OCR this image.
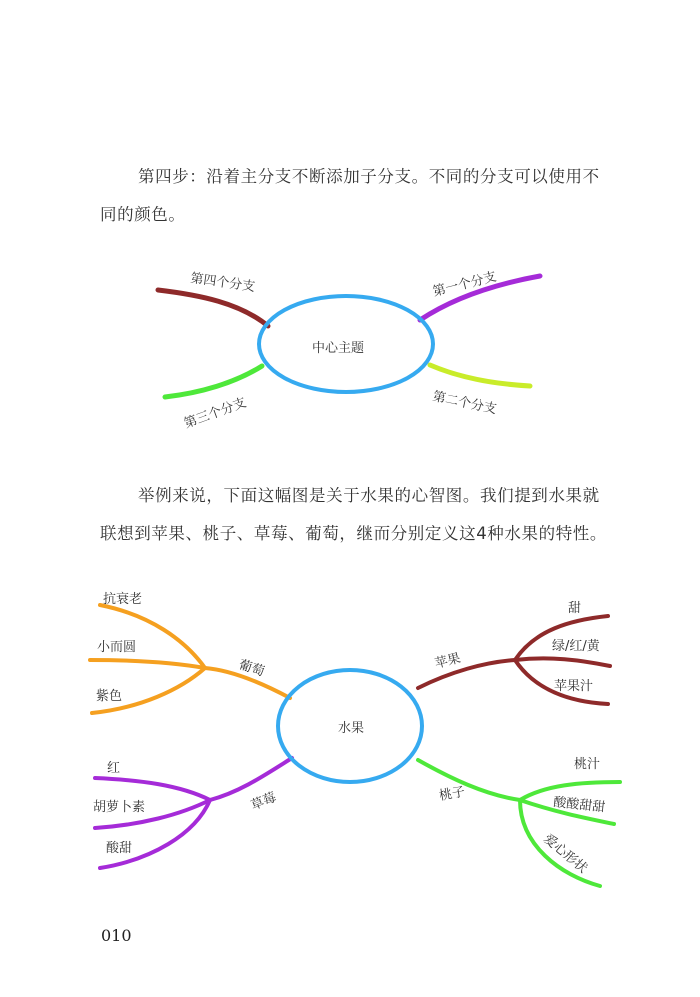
第四步：沿着主分支不断添加子分支。不同的分支可以使用不
同的颜色。
中心主题
第一个分支
第二个分支
第三个分支
第四个分支
举例来说，下面这幅图是关于水果的心智图。我们提到水果就
联想到苹果、桃子、草莓、葡萄，继而分别定义这4种水果的特性。
葡萄
抗衰老
小而圆
紫色
苹果
甜
绿/红/黄
苹果汁
草莓
红
胡萝卜素
酸甜
桃子
桃汁
酸酸甜甜
爱心形状
水果
010
